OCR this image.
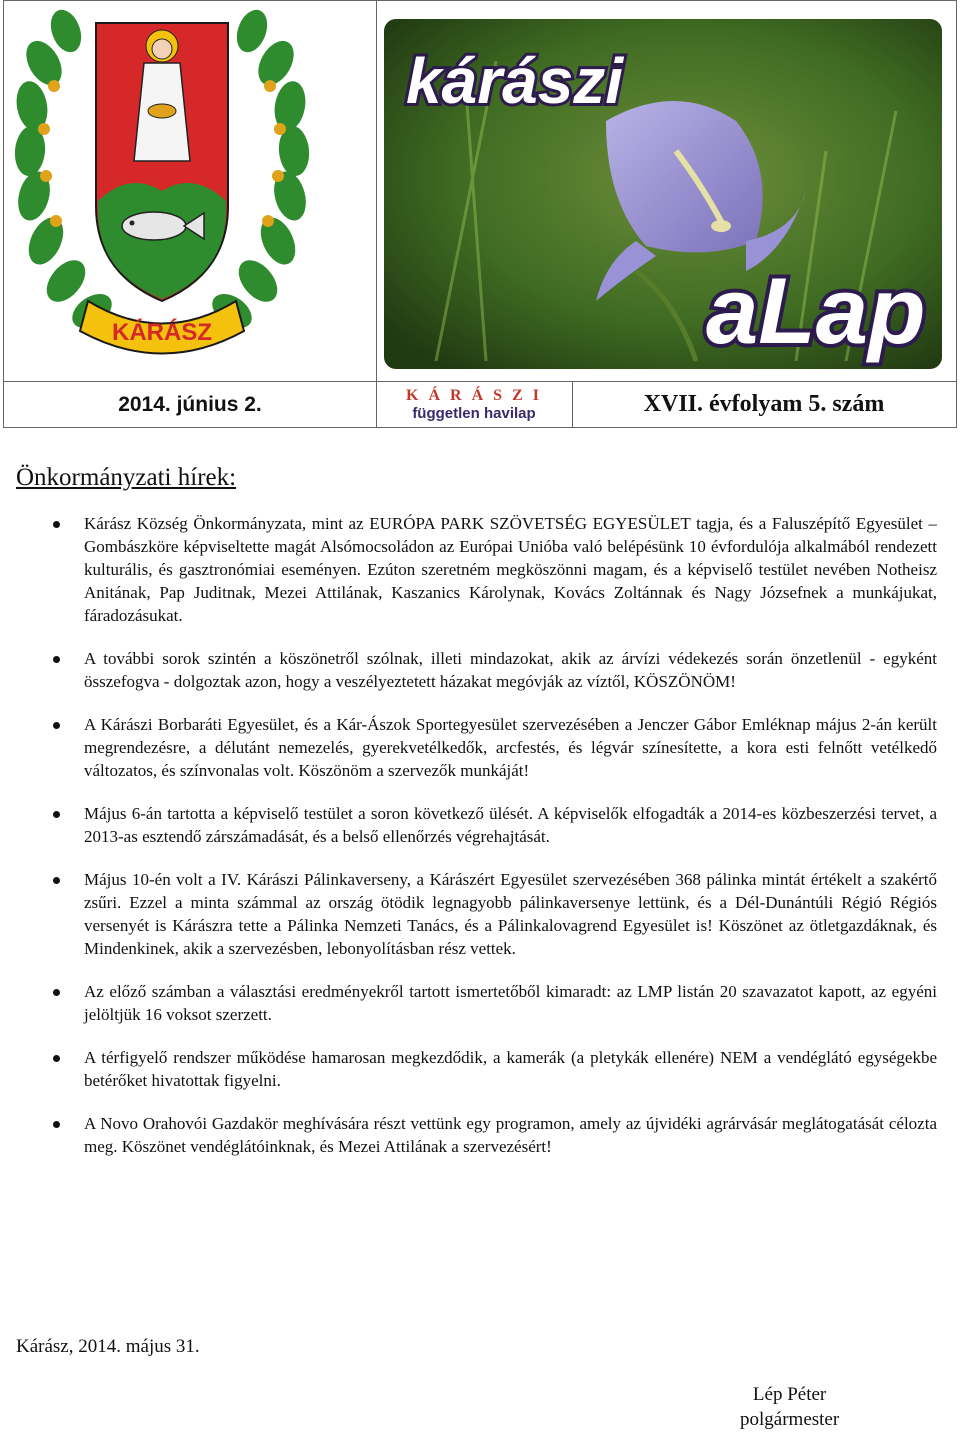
KÁRÁSZ
kárászi
aLap
2014. június 2.	K Á R Á S Z I
független havilap	XVII. évfolyam 5. szám
Önkormányzati hírek:
Kárász Község Önkormányzata, mint az EURÓPA PARK SZÖVETSÉG EGYESÜLET tagja, és a Faluszépítő Egyesület – Gombászköre képviseltette magát Alsómocsoládon az Európai Unióba való belépésünk 10 évfordulója alkalmából rendezett kulturális, és gasztronómiai eseményen. Ezúton szeretném megköszönni magam, és a képviselő testület nevében Notheisz Anitának, Pap Juditnak, Mezei Attilának, Kaszanics Károlynak, Kovács Zoltánnak és Nagy Józsefnek a munkájukat, fáradozásukat.
A további sorok szintén a köszönetről szólnak, illeti mindazokat, akik az árvízi védekezés során önzetlenül - egyként összefogva - dolgoztak azon, hogy a veszélyeztetett házakat megóvják az víztől, KÖSZÖNÖM!
A Kárászi Borbaráti Egyesület, és a Kár-Ászok Sportegyesület szervezésében a Jenczer Gábor Emléknap május 2-án került megrendezésre, a délutánt nemezelés, gyerekvetélkedők, arcfestés, és légvár színesítette, a kora esti felnőtt vetélkedő változatos, és színvonalas volt. Köszönöm a szervezők munkáját!
Május 6-án tartotta a képviselő testület a soron következő ülését. A képviselők elfogadták a 2014-es közbeszerzési tervet, a 2013-as esztendő zárszámadását, és a belső ellenőrzés végrehajtását.
Május 10-én volt a IV. Kárászi Pálinkaverseny, a Kárászért Egyesület szervezésében 368 pálinka mintát értékelt a szakértő zsűri. Ezzel a minta számmal az ország ötödik legnagyobb pálinkaversenye lettünk, és a Dél-Dunántúli Régió Régiós versenyét is Kárászra tette a Pálinka Nemzeti Tanács, és a Pálinkalovagrend Egyesület is! Köszönet az ötletgazdáknak, és Mindenkinek, akik a szervezésben, lebonyolításban rész vettek.
Az előző számban a választási eredményekről tartott ismertetőből kimaradt: az LMP listán 20 szavazatot kapott, az egyéni jelöltjük 16 voksot szerzett.
A térfigyelő rendszer működése hamarosan megkezdődik, a kamerák (a pletykák ellenére) NEM a vendéglátó egységekbe betérőket hivatottak figyelni.
A Novo Orahovói Gazdakör meghívására részt vettünk egy programon, amely az újvidéki agrárvásár meglátogatását célozta meg. Köszönet vendéglátóinknak, és Mezei Attilának a szervezésért!
Kárász, 2014. május 31.
Lép Péter
polgármester
